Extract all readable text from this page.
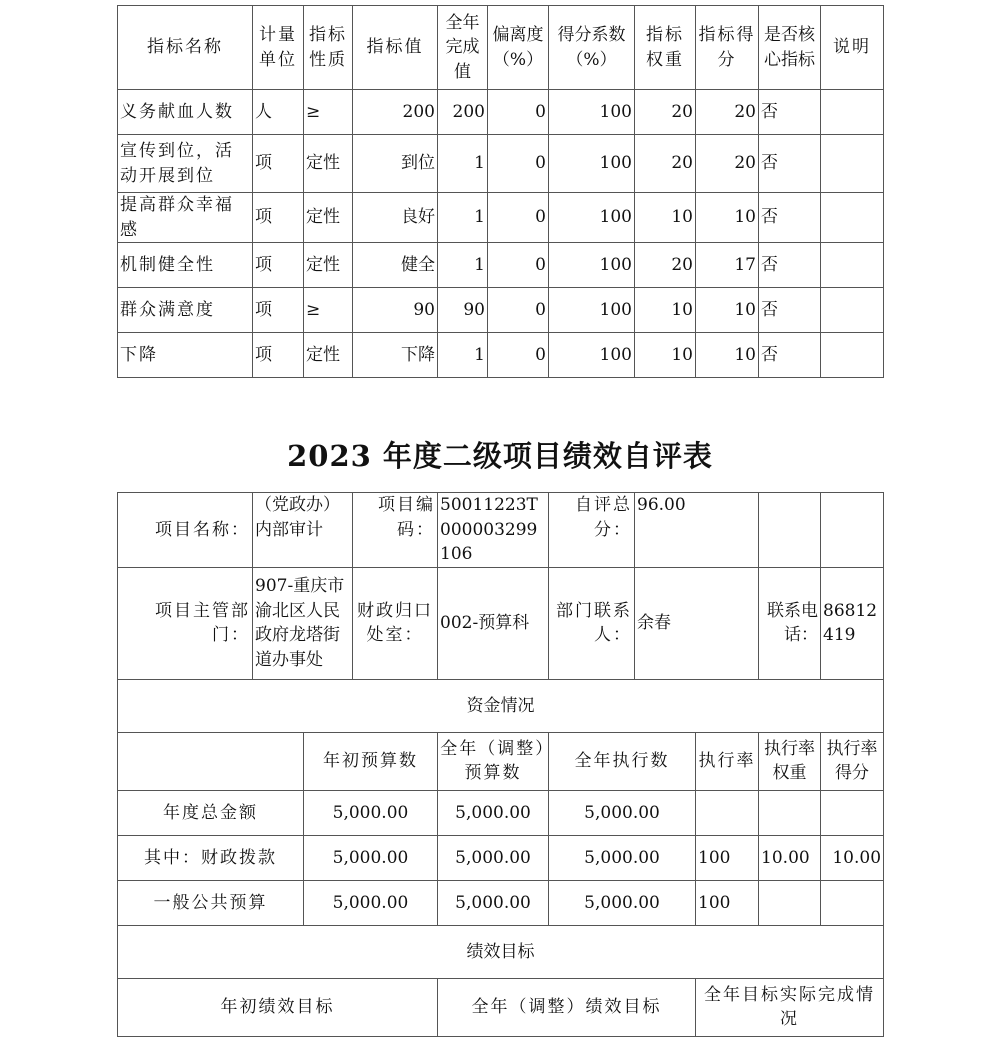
指标名称	计量单位	指标性质	指标值	全年完成值	偏离度（%）	得分系数（%）	指标权重	指标得分	是否核心指标	说明
义务献血人数	人	≥	200	200	0	100	20	20	否	
宣传到位，活动开展到位	项	定性	到位	1	0	100	20	20	否	
提高群众幸福感	项	定性	良好	1	0	100	10	10	否	
机制健全性	项	定性	健全	1	0	100	20	17	否	
群众满意度	项	≥	90	90	0	100	10	10	否	
下降	项	定性	下降	1	0	100	10	10	否	
2023 年度二级项目绩效自评表
项目名称：	（党政办）内部审计		项目编码：	50011223T000003299106	自评总分：	96.00			
项目主管部门：	907-重庆市渝北区人民政府龙塔街道办事处		财政归口处室：	002-预算科	部门联系人：	余春		联系电话：	86812419
资金情况									
		年初预算数		全年（调整）预算数	全年执行数		执行率	执行率权重	执行率得分
年度总金额		5,000.00		5,000.00	5,000.00				
其中：财政拨款		5,000.00		5,000.00	5,000.00		100	10.00	10.00
一般公共预算		5,000.00		5,000.00	5,000.00		100		
绩效目标									
年初绩效目标				全年（调整）绩效目标			全年目标实际完成情况		
